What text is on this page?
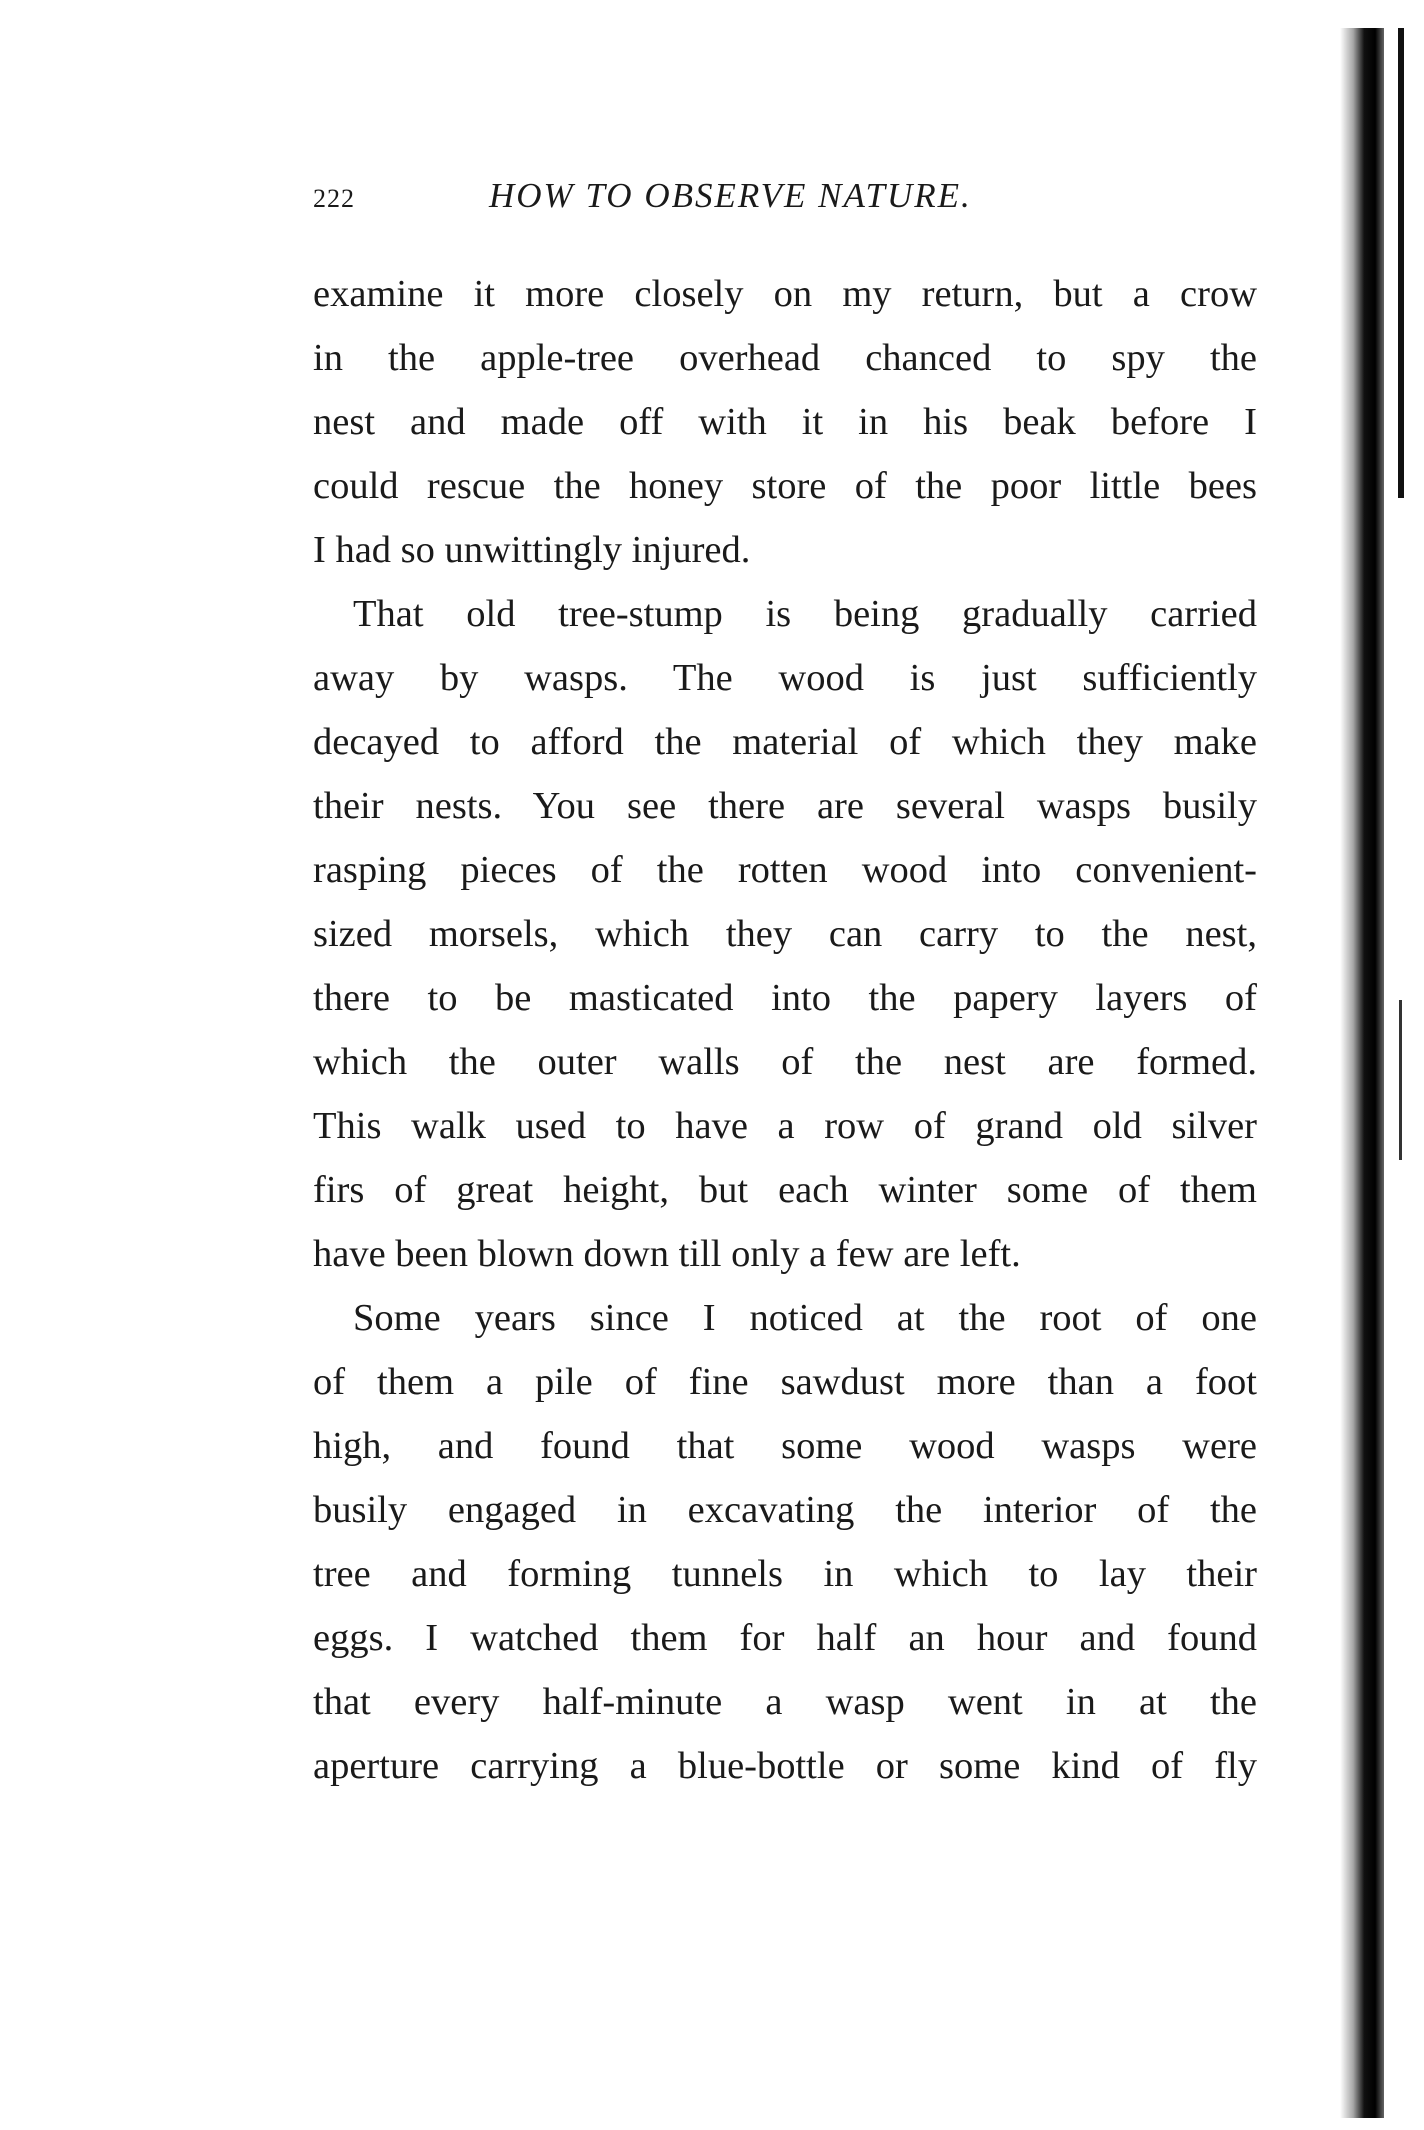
222	HOW TO OBSERVE NATURE.
examine it more closely on my return, but a crow
in the apple-tree overhead chanced to spy the
nest and made off with it in his beak before I
could rescue the honey store of the poor little bees
I had so unwittingly injured.
That old tree-stump is being gradually carried
away by wasps. The wood is just sufficiently
decayed to afford the material of which they make
their nests. You see there are several wasps busily
rasping pieces of the rotten wood into convenient-
sized morsels, which they can carry to the nest,
there to be masticated into the papery layers of
which the outer walls of the nest are formed.
This walk used to have a row of grand old silver
firs of great height, but each winter some of them
have been blown down till only a few are left.
Some years since I noticed at the root of one
of them a pile of fine sawdust more than a foot
high, and found that some wood wasps were
busily engaged in excavating the interior of the
tree and forming tunnels in which to lay their
eggs. I watched them for half an hour and found
that every half-minute a wasp went in at the
aperture carrying a blue-bottle or some kind of fly
